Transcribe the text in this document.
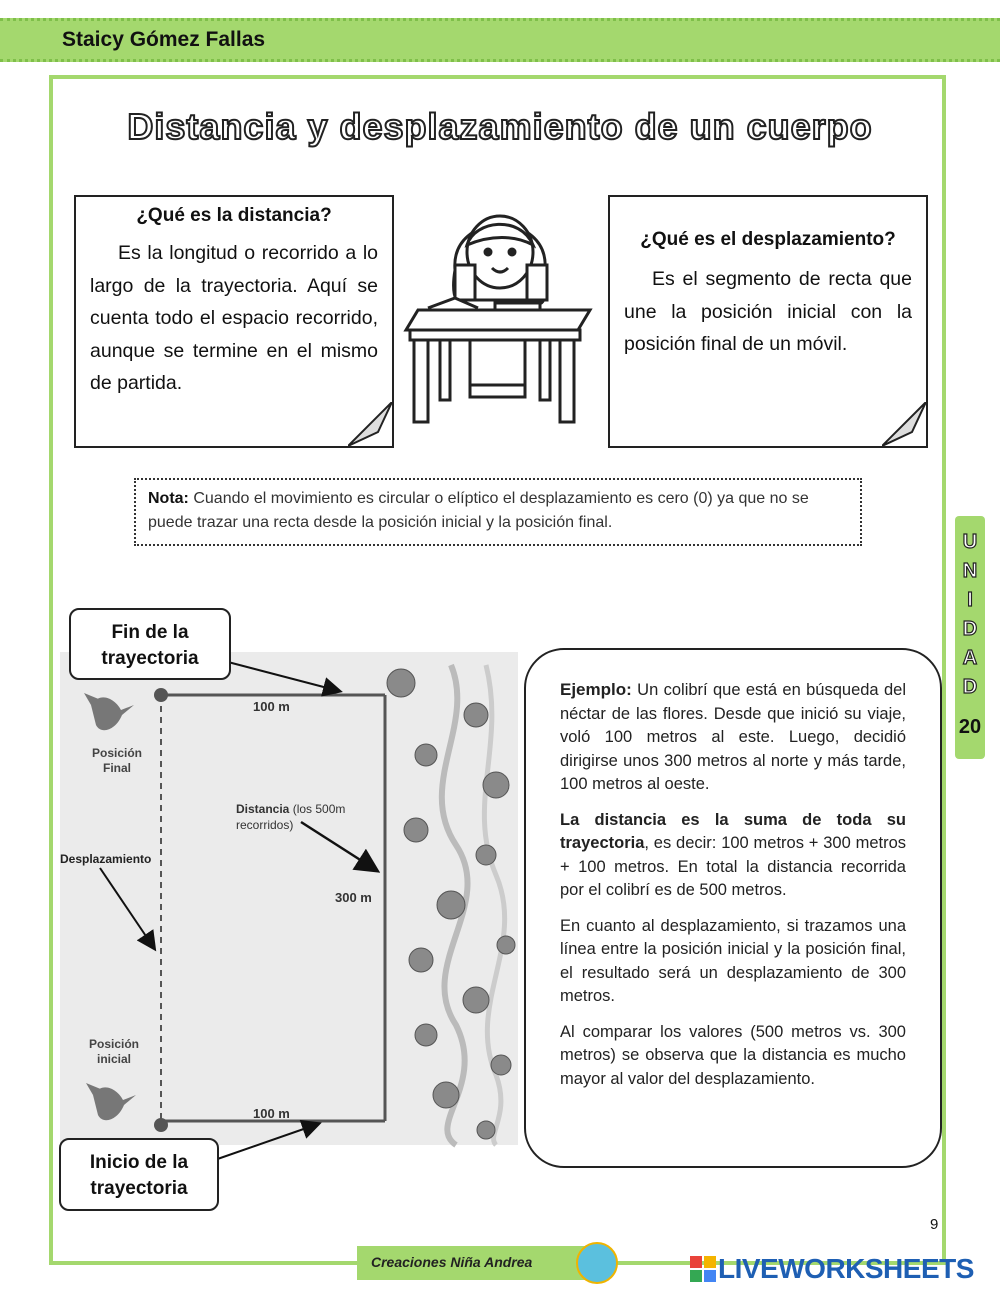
Staicy Gómez Fallas
Distancia y desplazamiento de un cuerpo
¿Qué es la distancia?

Es la longitud o recorrido a lo largo de la trayectoria. Aquí se cuenta todo el espacio recorrido, aunque se termine en el mismo de partida.

¿Qué es el desplazamiento?

Es el segmento de recta que une la posición inicial con la posición final de un móvil.

Nota: Cuando el movimiento es circular o elíptico el desplazamiento es cero (0) ya que no se puede trazar una recta desde la posición inicial y la posición final.
U
N
I
D
A
D
20
100 m
100 m
300 m
Desplazamiento
Posición Final
Posición inicial
Distancia (los 500m recorridos)
Fin de la trayectoria
Inicio de la trayectoria

Ejemplo: Un colibrí que está en búsqueda del néctar de las flores. Desde que inició su viaje, voló 100 metros al este. Luego, decidió dirigirse unos 300 metros al norte y más tarde, 100 metros al oeste.

La distancia es la suma de toda su trayectoria, es decir: 100 metros + 300 metros + 100 metros. En total la distancia recorrida por el colibrí es de 500 metros.

En cuanto al desplazamiento, si trazamos una línea entre la posición inicial y la posición final, el resultado será un desplazamiento de 300 metros.

Al comparar los valores (500 metros vs. 300 metros) se observa que la distancia es mucho mayor al valor del desplazamiento.

9
Creaciones Niña Andrea	LIVEWORKSHEETS
